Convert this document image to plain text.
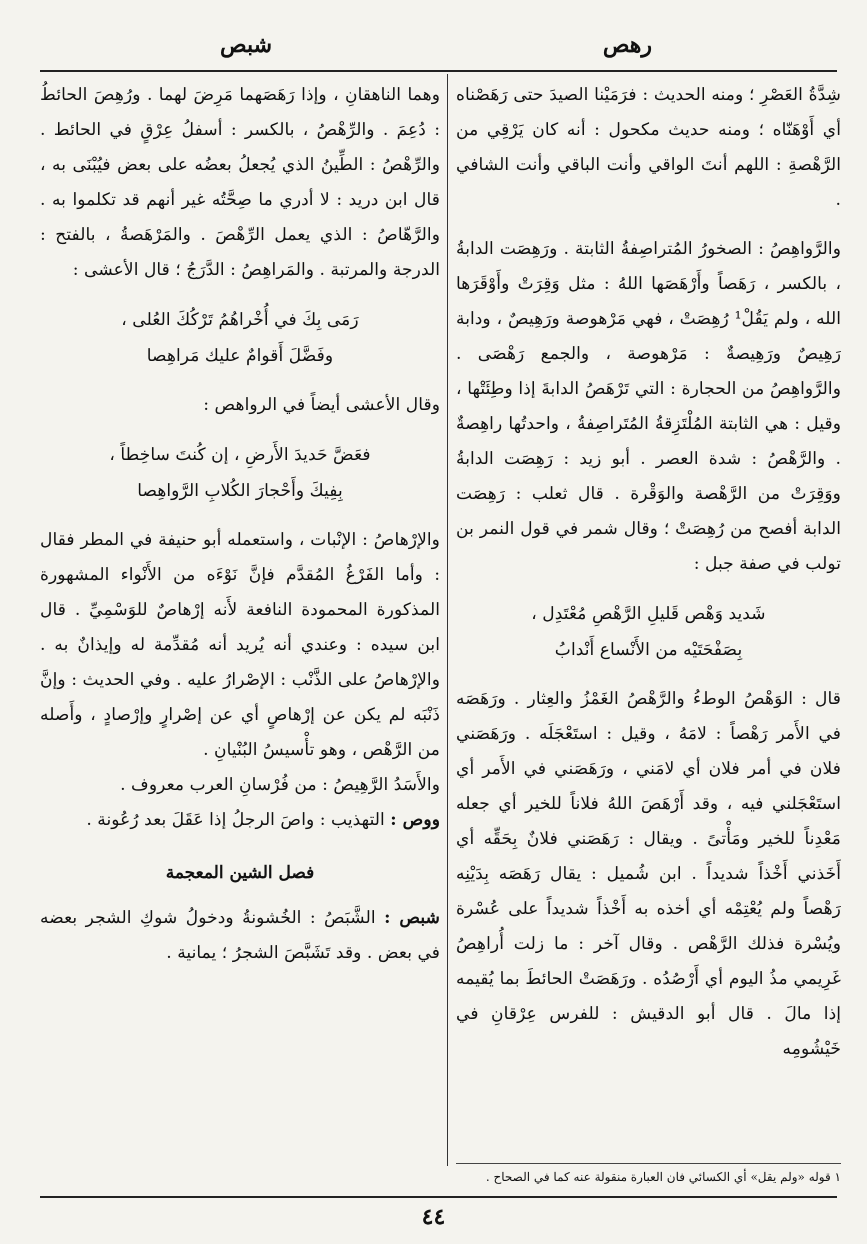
رهص
شبص

شِدَّةُ العَصْرِ ؛ ومنه الحديث : فرَمَيْنا الصيدَ حتى رَهَصْناه أي أَوْهَنّاه ؛ ومنه حديث مكحول : أنه كان يَرْقِي من الرَّهْصةِ : اللهم أنتَ الواقي وأنت الباقي وأنت الشافي .

والرَّواهِصُ : الصخورُ المُتراصِفةُ الثابتة . ورَهِصَت الدابةُ ، بالكسر ، رَهَصاً وأَرْهَصَها اللهُ : مثل وَقِرَتْ وأَوْقَرَها الله ، ولم يَقُلْ¹ رُهِصَتْ ، فهي مَرْهوصة ورَهِيصٌ ، ودابة رَهِيصٌ ورَهِيصةٌ : مَرْهوصة ، والجمع رَهْصَى . والرَّواهِصُ من الحجارة : التي تَرْهَصُ الدابةَ إذا وطِئَتْها ، وقيل : هي الثابتة المُلْتَزِقةُ المُتَراصِفةُ ، واحدتُها راهِصةٌ . والرَّهْصُ : شدة العصر . أبو زيد : رَهِصَت الدابةُ ووَقِرَتْ من الرَّهْصة والوَقْرة . قال ثعلب : رَهِصَت الدابة أفصح من رُهِصَتْ ؛ وقال شمر في قول النمر بن تولب في صفة جبل :

شَديد وَهْص قَليلِ الرَّهْصِ مُعْتَدِل ،
بِصَفْحَتَيْه من الأَنْساع أَنْدابُ

قال : الوَهْصُ الوطءُ والرَّهْصُ الغَمْزُ والعِثار . ورَهَصَه في الأَمر رَهْصاً : لامَهُ ، وقيل : استَعْجَلَه . ورَهَصَني فلان في أمر فلان أي لامَني ، ورَهَصَني في الأَمر أي استَعْجَلني فيه ، وقد أَرْهَصَ اللهُ فلاناً للخير أي جعله مَعْدِناً للخير ومَأْتىً . ويقال : رَهَصَني فلانٌ بِحَقِّه أي أَخَذني أَخْذاً شديداً . ابن شُميل : يقال رَهَصَه بِدَيْنِه رَهْصاً ولم يُعْتِمْه أي أخذه به أَخْذاً شديداً على عُسْرة ويُسْرة فذلك الرَّهْص . وقال آخر : ما زلت أُراهِصُ غَرِيمي مذُ اليوم أي أَرْصُدُه . ورَهَصَتْ الحائطَ بما يُقيمه إذا مالَ . قال أبو الدقيش : للفرس عِرْقانِ في خَيْشُومِه

وهما الناهقانِ ، وإذا رَهَصَهما مَرِضَ لهما . ورُهِصَ الحائطُ : دُعِمَ . والرِّهْصُ ، بالكسر : أسفلُ عِرْقٍ في الحائط . والرِّهْصُ : الطِّينُ الذي يُجعلُ بعضُه على بعض فيُبْنَى به ، قال ابن دريد : لا أدري ما صِحَّتُه غير أنهم قد تكلموا به . والرَّهّاصُ : الذي يعمل الرِّهْصَ . والمَرْهَصةُ ، بالفتح : الدرجة والمرتبة . والمَراهِصُ : الدَّرَجُ ؛ قال الأعشى :

رَمَى بِكَ في أُخْراهُمُ تَرْكُكَ العُلى ،
وفَضَّلَ أَقوامٌ عليك مَراهِصا

وقال الأعشى أيضاً في الرواهص :

فعَضَّ حَديدَ الأَرضِ ، إن كُنتَ ساخِطاً ،
بِفِيكَ وأَحْجارَ الكُلابِ الرَّواهِصا

والإرْهاصُ : الإنْبات ، واستعمله أبو حنيفة في المطر فقال : وأما الفَرْغُ المُقدَّم فإنَّ نَوْءَه من الأَنْواء المشهورة المذكورة المحمودة النافعة لأَنه إرْهاصٌ للوَسْمِيِّ . قال ابن سيده : وعندي أنه يُريد أنه مُقدِّمة له وإيذانٌ به . والإرْهاصُ على الذَّنْب : الإصْرارُ عليه . وفي الحديث : وإنَّ ذَنْبَه لم يكن عن إرْهاصٍ أي عن إصْرارٍ وإرْصادٍ ، وأَصله من الرَّهْص ، وهو تأْسيسُ البُنْيانِ .

والأَسَدُ الرَّهِيصُ : من فُرْسانِ العرب معروف .

ووص : التهذيب : واصَ الرجلُ إذا عَقَلَ بعد رُعُونة .

فصل الشين المعجمة

شبص : الشَّبَصُ : الخُشونةُ ودخولُ شوكِ الشجر بعضه في بعض . وقد تَشَبَّصَ الشجرُ ؛ يمانية .

١ قوله «ولم يقل» أي الكسائي فان العبارة منقولة عنه كما في الصحاح .
٤٤
